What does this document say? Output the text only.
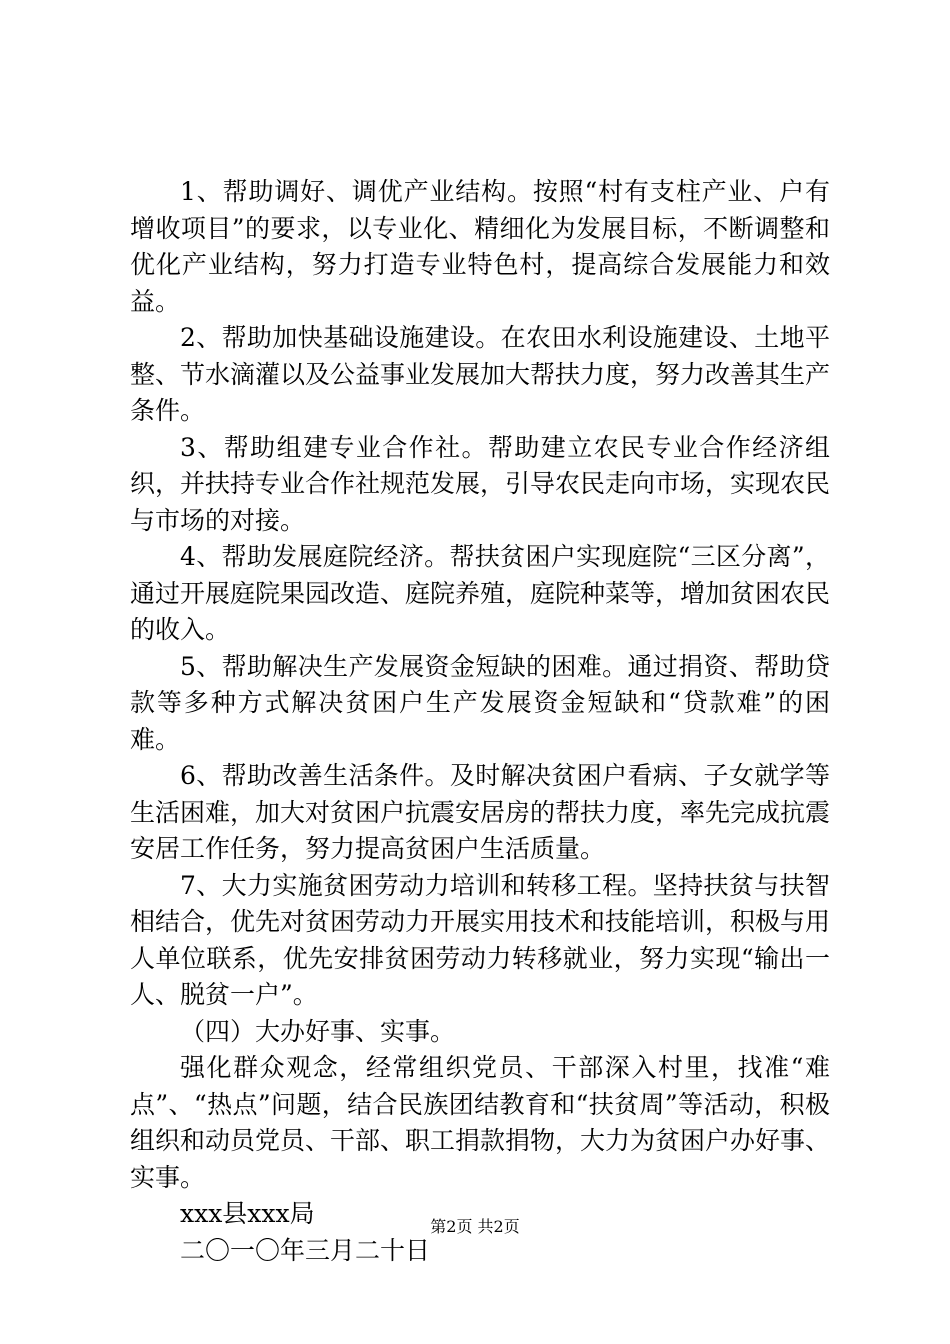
1、帮助调好、调优产业结构。按照“村有支柱产业、户有增收项目”的要求，以专业化、精细化为发展目标，不断调整和优化产业结构，努力打造专业特色村，提高综合发展能力和效益。

2、帮助加快基础设施建设。在农田水利设施建设、土地平整、节水滴灌以及公益事业发展加大帮扶力度，努力改善其生产条件。

3、帮助组建专业合作社。帮助建立农民专业合作经济组织，并扶持专业合作社规范发展，引导农民走向市场，实现农民与市场的对接。

4、帮助发展庭院经济。帮扶贫困户实现庭院“三区分离”，通过开展庭院果园改造、庭院养殖，庭院种菜等，增加贫困农民的收入。

5、帮助解决生产发展资金短缺的困难。通过捐资、帮助贷款等多种方式解决贫困户生产发展资金短缺和“贷款难”的困难。

6、帮助改善生活条件。及时解决贫困户看病、子女就学等生活困难，加大对贫困户抗震安居房的帮扶力度，率先完成抗震安居工作任务，努力提高贫困户生活质量。

7、大力实施贫困劳动力培训和转移工程。坚持扶贫与扶智相结合，优先对贫困劳动力开展实用技术和技能培训，积极与用人单位联系，优先安排贫困劳动力转移就业，努力实现“输出一人、脱贫一户”。

（四）大办好事、实事。

强化群众观念，经常组织党员、干部深入村里，找准“难点”、“热点”问题，结合民族团结教育和“扶贫周”等活动，积极组织和动员党员、干部、职工捐款捐物，大力为贫困户办好事、实事。

xxx县xxx局

二〇一〇年三月二十日

第2页 共2页
